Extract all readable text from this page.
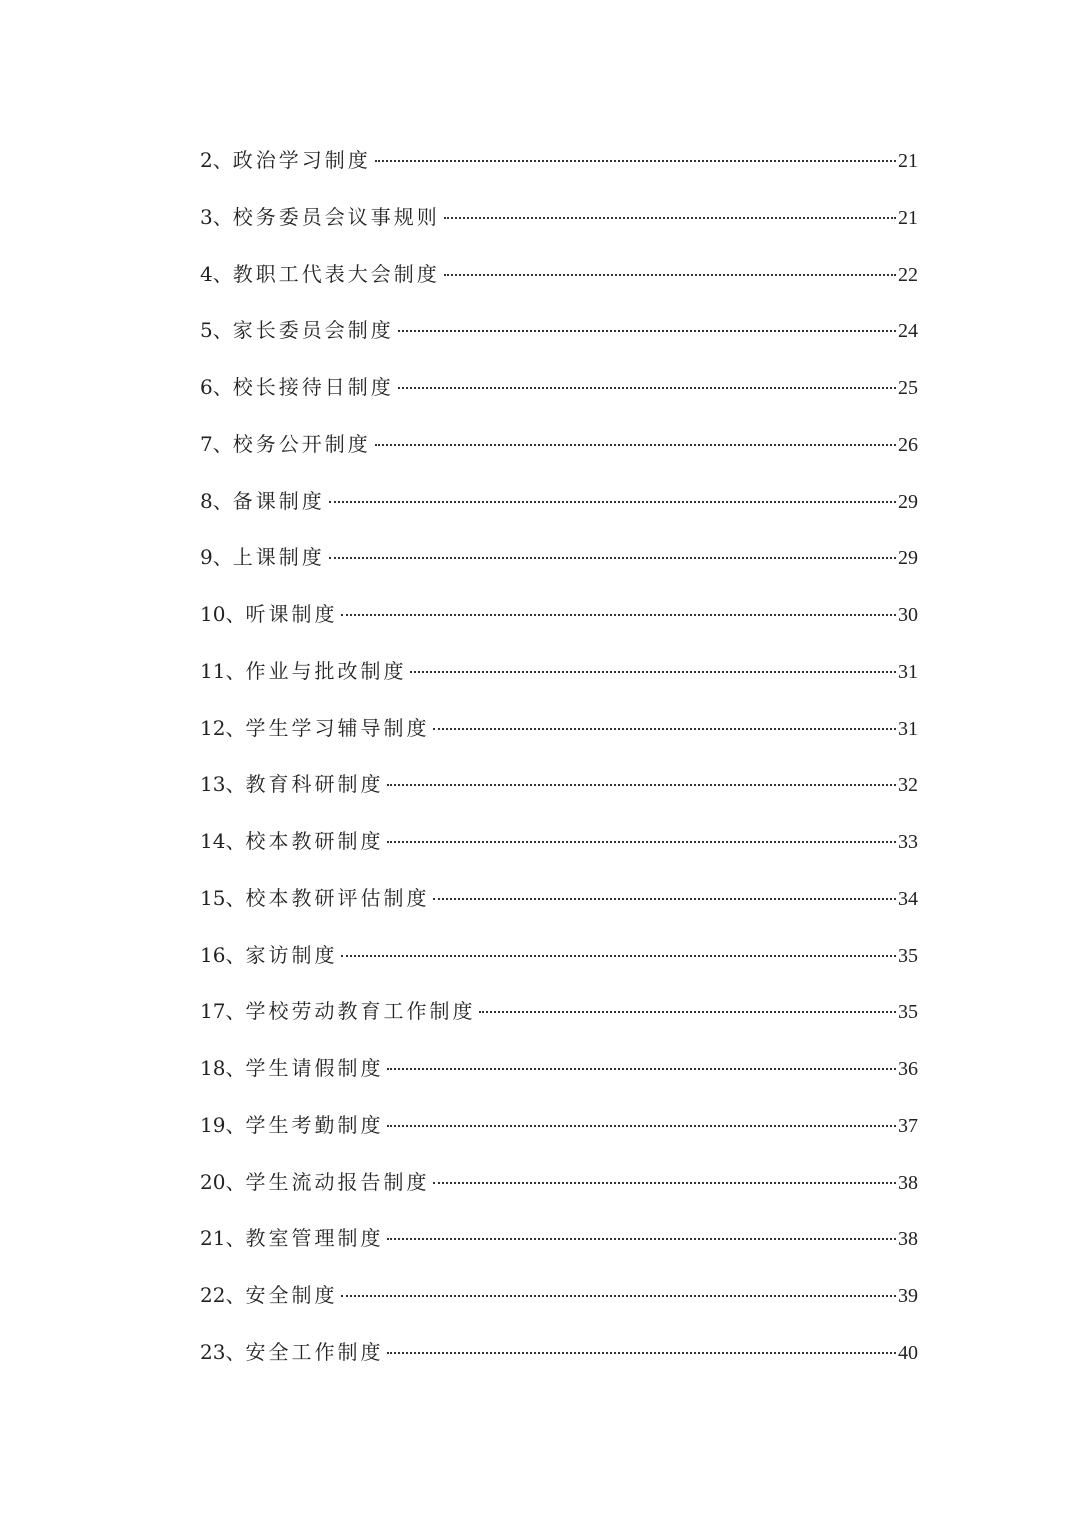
2、政治学习制度	21
3、校务委员会议事规则	21
4、教职工代表大会制度	22
5、家长委员会制度	24
6、校长接待日制度	25
7、校务公开制度	26
8、备课制度	29
9、上课制度	29
10、听课制度	30
11、作业与批改制度	31
12、学生学习辅导制度	31
13、教育科研制度	32
14、校本教研制度	33
15、校本教研评估制度	34
16、家访制度	35
17、学校劳动教育工作制度	35
18、学生请假制度	36
19、学生考勤制度	37
20、学生流动报告制度	38
21、教室管理制度	38
22、安全制度	39
23、安全工作制度	40
